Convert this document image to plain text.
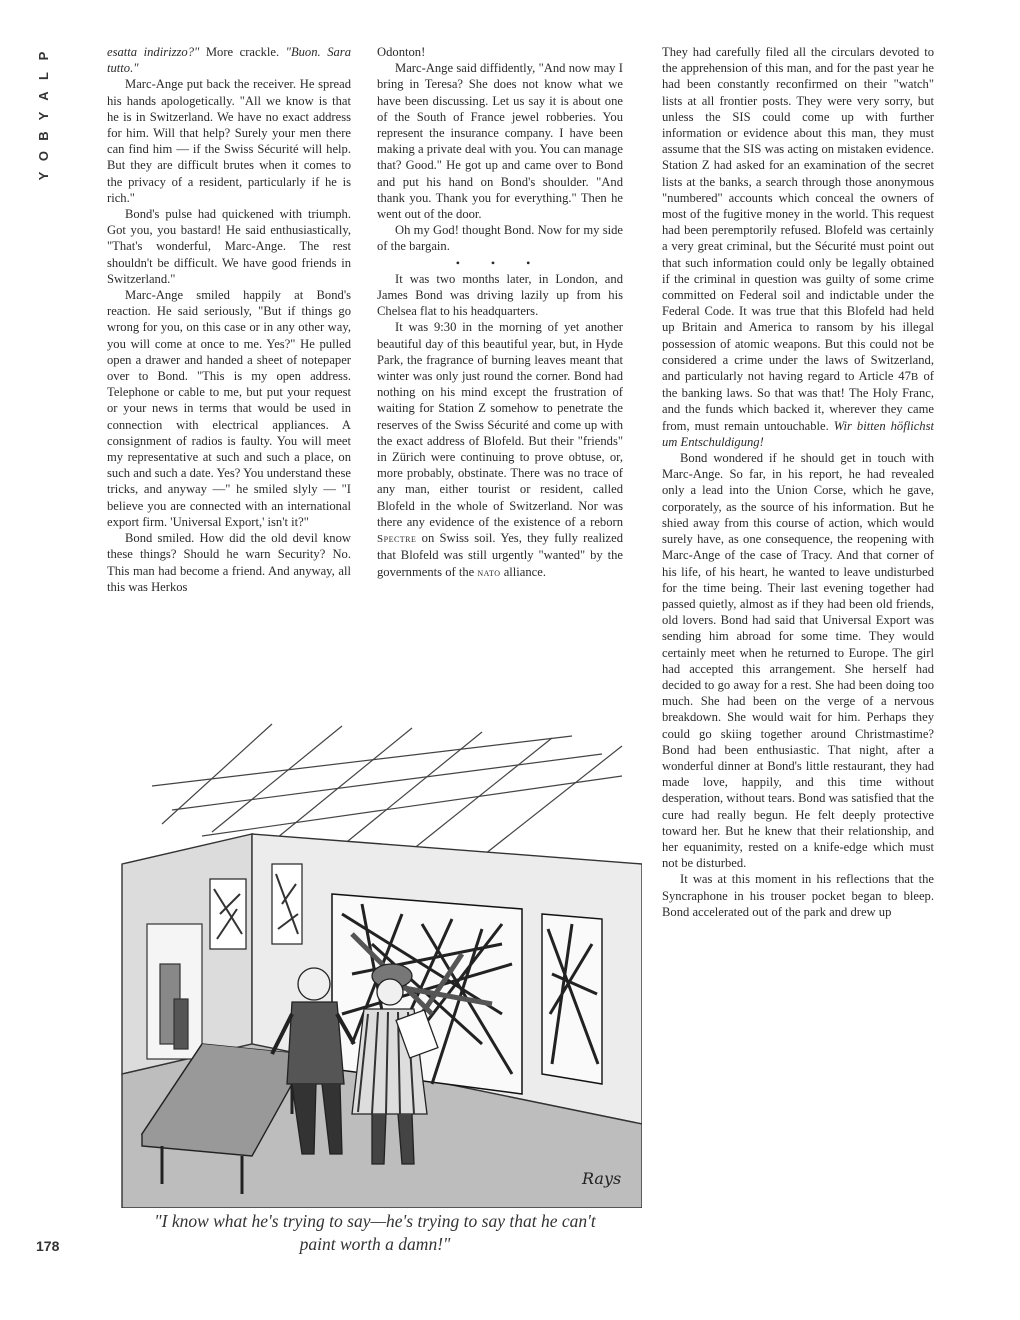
P
L
A
Y
B
O
Y

esatta indirizzo?" More crackle. "Buon. Sara tutto."

Marc-Ange put back the receiver. He spread his hands apologetically. "All we know is that he is in Switzerland. We have no exact address for him. Will that help? Surely your men there can find him — if the Swiss Sécurité will help. But they are difficult brutes when it comes to the privacy of a resident, particularly if he is rich."

Bond's pulse had quickened with triumph. Got you, you bastard! He said enthusiastically, "That's wonderful, Marc-Ange. The rest shouldn't be difficult. We have good friends in Switzerland."

Marc-Ange smiled happily at Bond's reaction. He said seriously, "But if things go wrong for you, on this case or in any other way, you will come at once to me. Yes?" He pulled open a drawer and handed a sheet of notepaper over to Bond. "This is my open address. Telephone or cable to me, but put your request or your news in terms that would be used in connection with electrical appliances. A consignment of radios is faulty. You will meet my representative at such and such a place, on such and such a date. Yes? You understand these tricks, and anyway —" he smiled slyly — "I believe you are connected with an international export firm. 'Universal Export,' isn't it?"

Bond smiled. How did the old devil know these things? Should he warn Security? No. This man had become a friend. And anyway, all this was Herkos

Odonton!

Marc-Ange said diffidently, "And now may I bring in Teresa? She does not know what we have been discussing. Let us say it is about one of the South of France jewel robberies. You represent the insurance company. I have been making a private deal with you. You can manage that? Good." He got up and came over to Bond and put his hand on Bond's shoulder. "And thank you. Thank you for everything." Then he went out of the door.

Oh my God! thought Bond. Now for my side of the bargain.

• • •

It was two months later, in London, and James Bond was driving lazily up from his Chelsea flat to his headquarters.

It was 9:30 in the morning of yet another beautiful day of this beautiful year, but, in Hyde Park, the fragrance of burning leaves meant that winter was only just round the corner. Bond had nothing on his mind except the frustration of waiting for Station Z somehow to penetrate the reserves of the Swiss Sécurité and come up with the exact address of Blofeld. But their "friends" in Zürich were continuing to prove obtuse, or, more probably, obstinate. There was no trace of any man, either tourist or resident, called Blofeld in the whole of Switzerland. Nor was there any evidence of the existence of a reborn Spectre on Swiss soil. Yes, they fully realized that Blofeld was still urgently "wanted" by the governments of the nato alliance.

They had carefully filed all the circulars devoted to the apprehension of this man, and for the past year he had been constantly reconfirmed on their "watch" lists at all frontier posts. They were very sorry, but unless the SIS could come up with further information or evidence about this man, they must assume that the SIS was acting on mistaken evidence. Station Z had asked for an examination of the secret lists at the banks, a search through those anonymous "numbered" accounts which conceal the owners of most of the fugitive money in the world. This request had been peremptorily refused. Blofeld was certainly a very great criminal, but the Sécurité must point out that such information could only be legally obtained if the criminal in question was guilty of some crime committed on Federal soil and indictable under the Federal Code. It was true that this Blofeld had held up Britain and America to ransom by his illegal possession of atomic weapons. But this could not be considered a crime under the laws of Switzerland, and particularly not having regard to Article 47B of the banking laws. So that was that! The Holy Franc, and the funds which backed it, wherever they came from, must remain untouchable. Wir bitten höflichst um Entschuldigung!

Bond wondered if he should get in touch with Marc-Ange. So far, in his report, he had revealed only a lead into the Union Corse, which he gave, corporately, as the source of his information. But he shied away from this course of action, which would surely have, as one consequence, the reopening with Marc-Ange of the case of Tracy. And that corner of his life, of his heart, he wanted to leave undisturbed for the time being. Their last evening together had passed quietly, almost as if they had been old friends, old lovers. Bond had said that Universal Export was sending him abroad for some time. They would certainly meet when he returned to Europe. The girl had accepted this arrangement. She herself had decided to go away for a rest. She had been doing too much. She had been on the verge of a nervous breakdown. She would wait for him. Perhaps they could go skiing together around Christmastime? Bond had been enthusiastic. That night, after a wonderful dinner at Bond's little restaurant, they had made love, happily, and this time without desperation, without tears. Bond was satisfied that the cure had really begun. He felt deeply protective toward her. But he knew that their relationship, and her equanimity, rested on a knife-edge which must not be disturbed.

It was at this moment in his reflections that the Syncraphone in his trouser pocket began to bleep. Bond accelerated out of the park and drew up

Rays
"I know what he's trying to say—he's trying to say that he can't paint worth a damn!"
178
